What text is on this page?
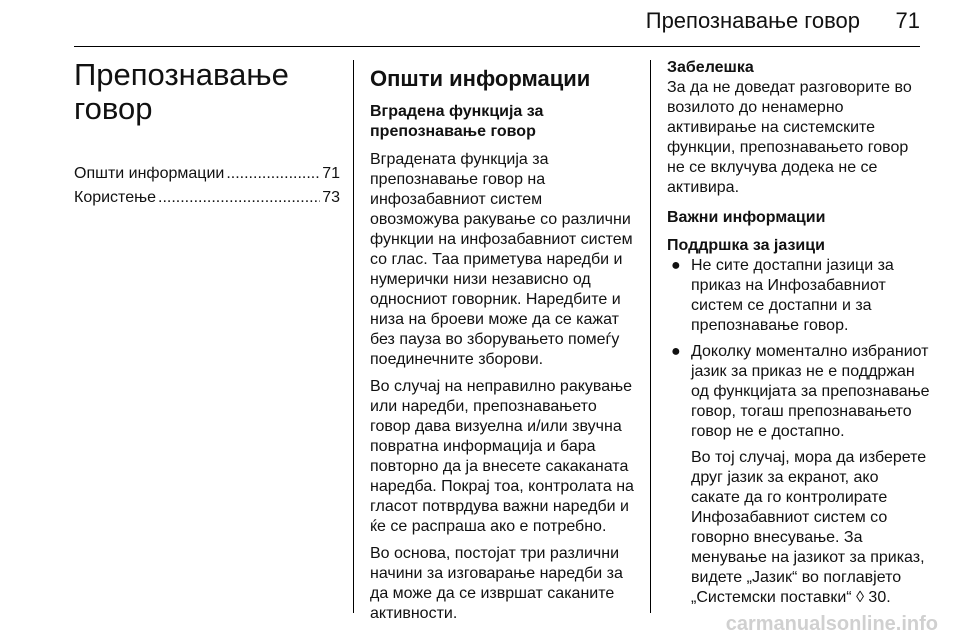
Препознавање говор 71
Препознавање
говор
Општи информации .....	71
Користење .....	73
Општи информации
Вградена функција за
препознавање говор

Вградената функција за препознавање говор на инфозабавниот систем овозможува ракување со различни функции на инфозабавниот систем со глас. Таа приметува наредби и нумерички низи независно од односниот говорник. Наредбите и низа на броеви може да се кажат без пауза во зборувањето помеѓу поединечните зборови.

Во случај на неправилно ракување или наредби, препознавањето говор дава визуелна и/или звучна повратна информација и бара повторно да ја внесете сакаканата наредба. Покрај тоа, контролата на гласот потврдува важни наредби и ќе се распраша ако е потребно.

Во основа, постојат три различни начини за изговарање наредби за да може да се извршат саканите активности.

Забелешка
За да не доведат разговорите во возилото до ненамерно активирање на системските функции, препознавањето говор не се вклучува додека не се активира.
Важни информации
Поддршка за јазици
● Не сите достапни јазици за приказ на Инфозабавниот систем се достапни и за препознавање говор.
● Доколку моментално избраниот јазик за приказ не е поддржан од функцијата за препознавање говор, тогаш препознавањето говор не е достапно.
Во тој случај, мора да изберете друг јазик за екранот, ако сакате да го контролирате Инфозабавниот систем со говорно внесување. За менување на јазикот за приказ, видете „Јазик“ во поглавјето „Системски поставки“ ◊ 30.
carmanualsonline.info
